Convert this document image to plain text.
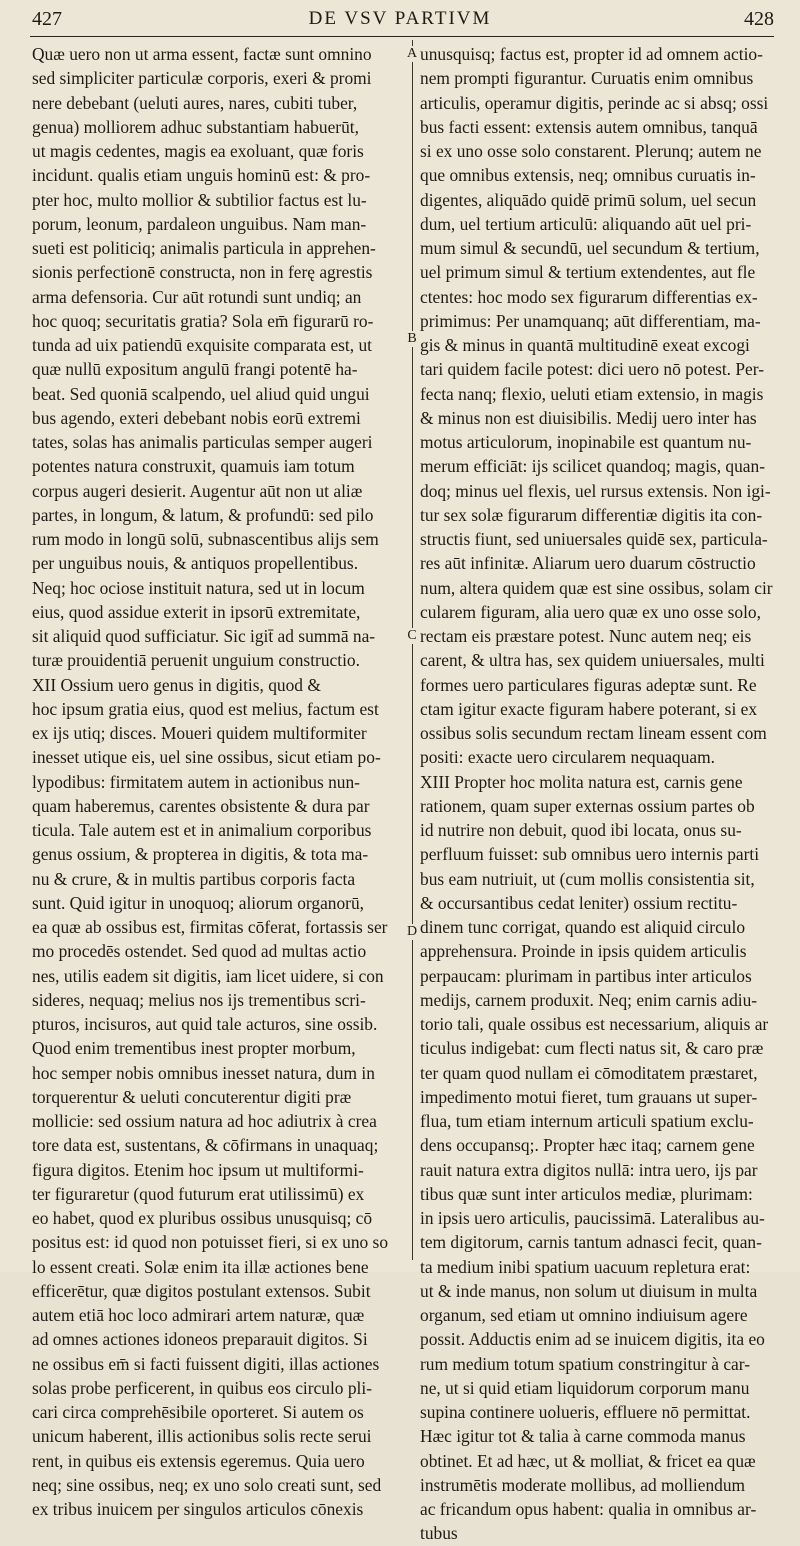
427	DE VSV PARTIVM	428
A
B
C
D
Quæ uero non ut arma essent, factæ sunt omnino
sed simpliciter particulæ corporis, exeri & promi
nere debebant (ueluti aures, nares, cubiti tuber,
genua) molliorem adhuc substantiam habuerūt,
ut magis cedentes, magis ea exoluant, quæ foris
incidunt. qualis etiam unguis hominū est: & pro-
pter hoc, multo mollior & subtilior factus est lu-
porum, leonum, pardaleon unguibus. Nam man-
sueti est politiciq; animalis particula in apprehen-
sionis perfectionē constructa, non in ferę agrestis
arma defensoria. Cur aūt rotundi sunt undiq; an
hoc quoq; securitatis gratia? Sola em̄ figurarū ro-
tunda ad uix patiendū exquisite comparata est, ut
quæ nullū expositum angulū frangi potentē ha-
beat. Sed quoniā scalpendo, uel aliud quid ungui
bus agendo, exteri debebant nobis eorū extremi
tates, solas has animalis particulas semper augeri
potentes natura construxit, quamuis iam totum
corpus augeri desierit. Augentur aūt non ut aliæ
partes, in longum, & latum, & profundū: sed pilo
rum modo in longū solū, subnascentibus alijs sem
per unguibus nouis, & antiquos propellentibus.
Neq; hoc ociose instituit natura, sed ut in locum
eius, quod assidue exterit in ipsorū extremitate,
sit aliquid quod sufficiatur. Sic igit̄ ad summā na-
turæ prouidentiā peruenit unguium constructio.
XII Ossium uero genus in digitis, quod &
hoc ipsum gratia eius, quod est melius, factum est
ex ijs utiq; disces. Moueri quidem multiformiter
inesset utique eis, uel sine ossibus, sicut etiam po-
lypodibus: firmitatem autem in actionibus nun-
quam haberemus, carentes obsistente & dura par
ticula. Tale autem est et in animalium corporibus
genus ossium, & propterea in digitis, & tota ma-
nu & crure, & in multis partibus corporis facta
sunt. Quid igitur in unoquoq; aliorum organorū,
ea quæ ab ossibus est, firmitas cōferat, fortassis ser
mo procedēs ostendet. Sed quod ad multas actio
nes, utilis eadem sit digitis, iam licet uidere, si con
sideres, nequaq; melius nos ijs trementibus scri-
pturos, incisuros, aut quid tale acturos, sine ossib.
Quod enim trementibus inest propter morbum,
hoc semper nobis omnibus inesset natura, dum in
torquerentur & ueluti concuterentur digiti præ
mollicie: sed ossium natura ad hoc adiutrix à crea
tore data est, sustentans, & cōfirmans in unaquaq;
figura digitos. Etenim hoc ipsum ut multiformi-
ter figuraretur (quod futurum erat utilissimū) ex
eo habet, quod ex pluribus ossibus unusquisq; cō
positus est: id quod non potuisset fieri, si ex uno so
lo essent creati. Solæ enim ita illæ actiones bene
efficerētur, quæ digitos postulant extensos. Subit
autem etiā hoc loco admirari artem naturæ, quæ
ad omnes actiones idoneos preparauit digitos. Si
ne ossibus em̄ si facti fuissent digiti, illas actiones
solas probe perficerent, in quibus eos circulo pli-
cari circa comprehēsibile oporteret. Si autem os
unicum haberent, illis actionibus solis recte serui
rent, in quibus eis extensis egeremus. Quia uero
neq; sine ossibus, neq; ex uno solo creati sunt, sed
ex tribus inuicem per singulos articulos cōnexis
unusquisq; factus est, propter id ad omnem actio-
nem prompti figurantur. Curuatis enim omnibus
articulis, operamur digitis, perinde ac si absq; ossi
bus facti essent: extensis autem omnibus, tanquā
si ex uno osse solo constarent. Plerunq; autem ne
que omnibus extensis, neq; omnibus curuatis in-
digentes, aliquādo quidē primū solum, uel secun
dum, uel tertium articulū: aliquando aūt uel pri-
mum simul & secundū, uel secundum & tertium,
uel primum simul & tertium extendentes, aut fle
ctentes: hoc modo sex figurarum differentias ex-
primimus: Per unamquanq; aūt differentiam, ma-
gis & minus in quantā multitudinē exeat excogi
tari quidem facile potest: dici uero nō potest. Per-
fecta nanq; flexio, ueluti etiam extensio, in magis
& minus non est diuisibilis. Medij uero inter has
motus articulorum, inopinabile est quantum nu-
merum efficiāt: ijs scilicet quandoq; magis, quan-
doq; minus uel flexis, uel rursus extensis. Non igi-
tur sex solæ figurarum differentiæ digitis ita con-
structis fiunt, sed uniuersales quidē sex, particula-
res aūt infinitæ. Aliarum uero duarum cōstructio
num, altera quidem quæ est sine ossibus, solam cir
cularem figuram, alia uero quæ ex uno osse solo,
rectam eis præstare potest. Nunc autem neq; eis
carent, & ultra has, sex quidem uniuersales, multi
formes uero particulares figuras adeptæ sunt. Re
ctam igitur exacte figuram habere poterant, si ex
ossibus solis secundum rectam lineam essent com
positi: exacte uero circularem nequaquam.
XIII Propter hoc molita natura est, carnis gene
rationem, quam super externas ossium partes ob
id nutrire non debuit, quod ibi locata, onus su-
perfluum fuisset: sub omnibus uero internis parti
bus eam nutriuit, ut (cum mollis consistentia sit,
& occursantibus cedat leniter) ossium rectitu-
dinem tunc corrigat, quando est aliquid circulo
apprehensura. Proinde in ipsis quidem articulis
perpaucam: plurimam in partibus inter articulos
medijs, carnem produxit. Neq; enim carnis adiu-
torio tali, quale ossibus est necessarium, aliquis ar
ticulus indigebat: cum flecti natus sit, & caro præ
ter quam quod nullam ei cōmoditatem præstaret,
impedimento motui fieret, tum grauans ut super-
flua, tum etiam internum articuli spatium exclu-
dens occupansq;. Propter hæc itaq; carnem gene
rauit natura extra digitos nullā: intra uero, ijs par
tibus quæ sunt inter articulos mediæ, plurimam:
in ipsis uero articulis, paucissimā. Lateralibus au-
tem digitorum, carnis tantum adnasci fecit, quan-
ta medium inibi spatium uacuum repletura erat:
ut & inde manus, non solum ut diuisum in multa
organum, sed etiam ut omnino indiuisum agere
possit. Adductis enim ad se inuicem digitis, ita eo
rum medium totum spatium constringitur à car-
ne, ut si quid etiam liquidorum corporum manu
supina continere uolueris, effluere nō permittat.
Hæc igitur tot & talia à carne commoda manus
obtinet. Et ad hæc, ut & molliat, & fricet ea quæ
instrumētis moderate mollibus, ad molliendum
ac fricandum opus habent: qualia in omnibus ar-
tubus
